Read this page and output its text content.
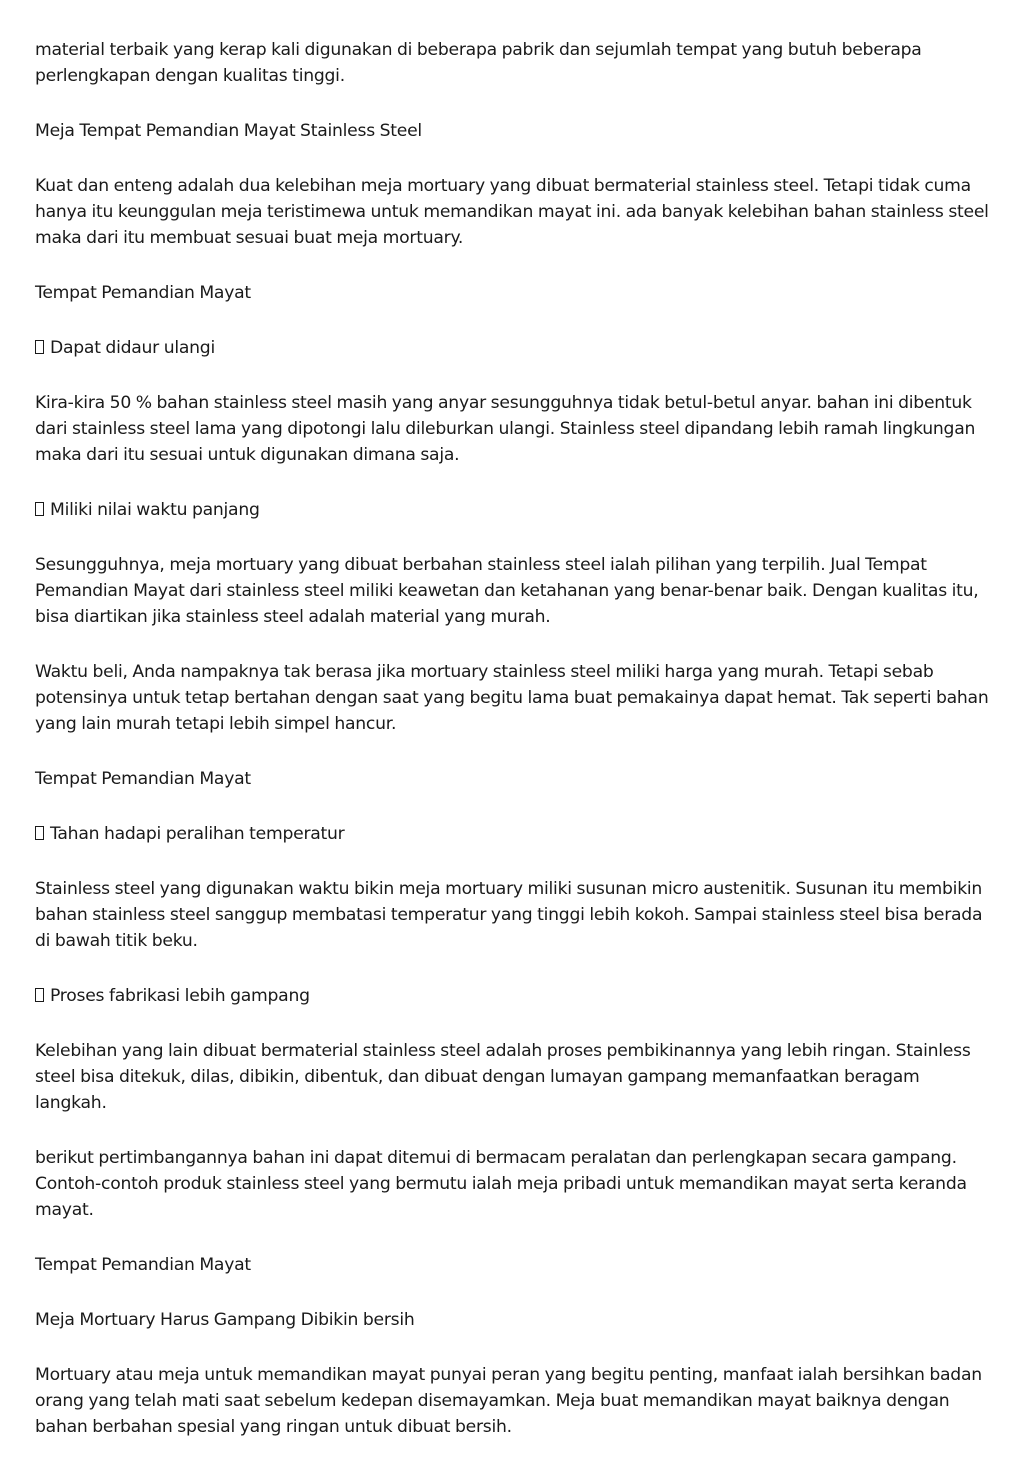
material terbaik yang kerap kali digunakan di beberapa pabrik dan sejumlah tempat yang butuh beberapa perlengkapan dengan kualitas tinggi.

Meja Tempat Pemandian Mayat Stainless Steel

Kuat dan enteng adalah dua kelebihan meja mortuary yang dibuat bermaterial stainless steel. Tetapi tidak cuma hanya itu keunggulan meja teristimewa untuk memandikan mayat ini. ada banyak kelebihan bahan stainless steel maka dari itu membuat sesuai buat meja mortuary.

Tempat Pemandian Mayat

Dapat didaur ulangi

Kira-kira 50 % bahan stainless steel masih yang anyar sesungguhnya tidak betul-betul anyar. bahan ini dibentuk dari stainless steel lama yang dipotongi lalu dileburkan ulangi. Stainless steel dipandang lebih ramah lingkungan maka dari itu sesuai untuk digunakan dimana saja.

Miliki nilai waktu panjang

Sesungguhnya, meja mortuary yang dibuat berbahan stainless steel ialah pilihan yang terpilih. Jual Tempat Pemandian Mayat dari stainless steel miliki keawetan dan ketahanan yang benar-benar baik. Dengan kualitas itu, bisa diartikan jika stainless steel adalah material yang murah.

Waktu beli, Anda nampaknya tak berasa jika mortuary stainless steel miliki harga yang murah. Tetapi sebab potensinya untuk tetap bertahan dengan saat yang begitu lama buat pemakainya dapat hemat. Tak seperti bahan yang lain murah tetapi lebih simpel hancur.

Tempat Pemandian Mayat

Tahan hadapi peralihan temperatur

Stainless steel yang digunakan waktu bikin meja mortuary miliki susunan micro austenitik. Susunan itu membikin bahan stainless steel sanggup membatasi temperatur yang tinggi lebih kokoh. Sampai stainless steel bisa berada di bawah titik beku.

Proses fabrikasi lebih gampang

Kelebihan yang lain dibuat bermaterial stainless steel adalah proses pembikinannya yang lebih ringan. Stainless steel bisa ditekuk, dilas, dibikin, dibentuk, dan dibuat dengan lumayan gampang memanfaatkan beragam langkah.

berikut pertimbangannya bahan ini dapat ditemui di bermacam peralatan dan perlengkapan secara gampang. Contoh-contoh produk stainless steel yang bermutu ialah meja pribadi untuk memandikan mayat serta keranda mayat.

Tempat Pemandian Mayat

Meja Mortuary Harus Gampang Dibikin bersih

Mortuary atau meja untuk memandikan mayat punyai peran yang begitu penting, manfaat ialah bersihkan badan orang yang telah mati saat sebelum kedepan disemayamkan. Meja buat memandikan mayat baiknya dengan bahan berbahan spesial yang ringan untuk dibuat bersih.
